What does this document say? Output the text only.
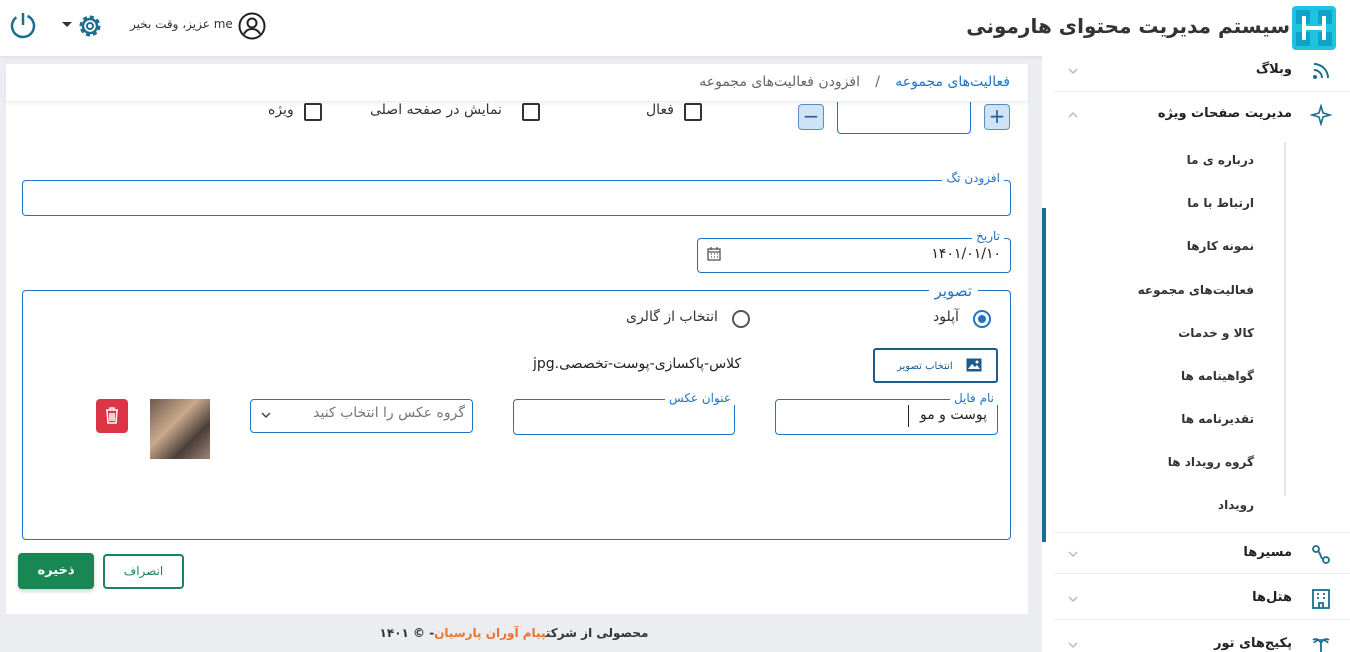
سیستم مدیریت محتوای هارمونی
me عزیز، وقت بخیر
وبلاگ
مدیریت صفحات ویژه
درباره ی ما
ارتباط با ما
نمونه کارها
فعالیت‌های مجموعه
کالا و خدمات
گواهینامه ها
تقدیرنامه ها
گروه رویداد ها
رویداد
مسیرها
هتل‌ها
پکیج‌های تور
+
−
فعال
نمایش در صفحه اصلی
ویژه
فعالیت‌های مجموعه
/
افزودن فعالیت‌های مجموعه
افزودن تگ
تاریخ
۱۴۰۱/۰۱/۱۰
تصویر
آپلود
انتخاب از گالری
انتخاب تصویر
کلاس-پاکسازی-پوست-تخصصی.jpg
نام فایل
پوست و مو
عنوان عکس
گروه عکس را انتخاب کنید
ذخیره	انصراف
محصولی از شرکتپیام آوران پارسیان- © ۱۴۰۱
